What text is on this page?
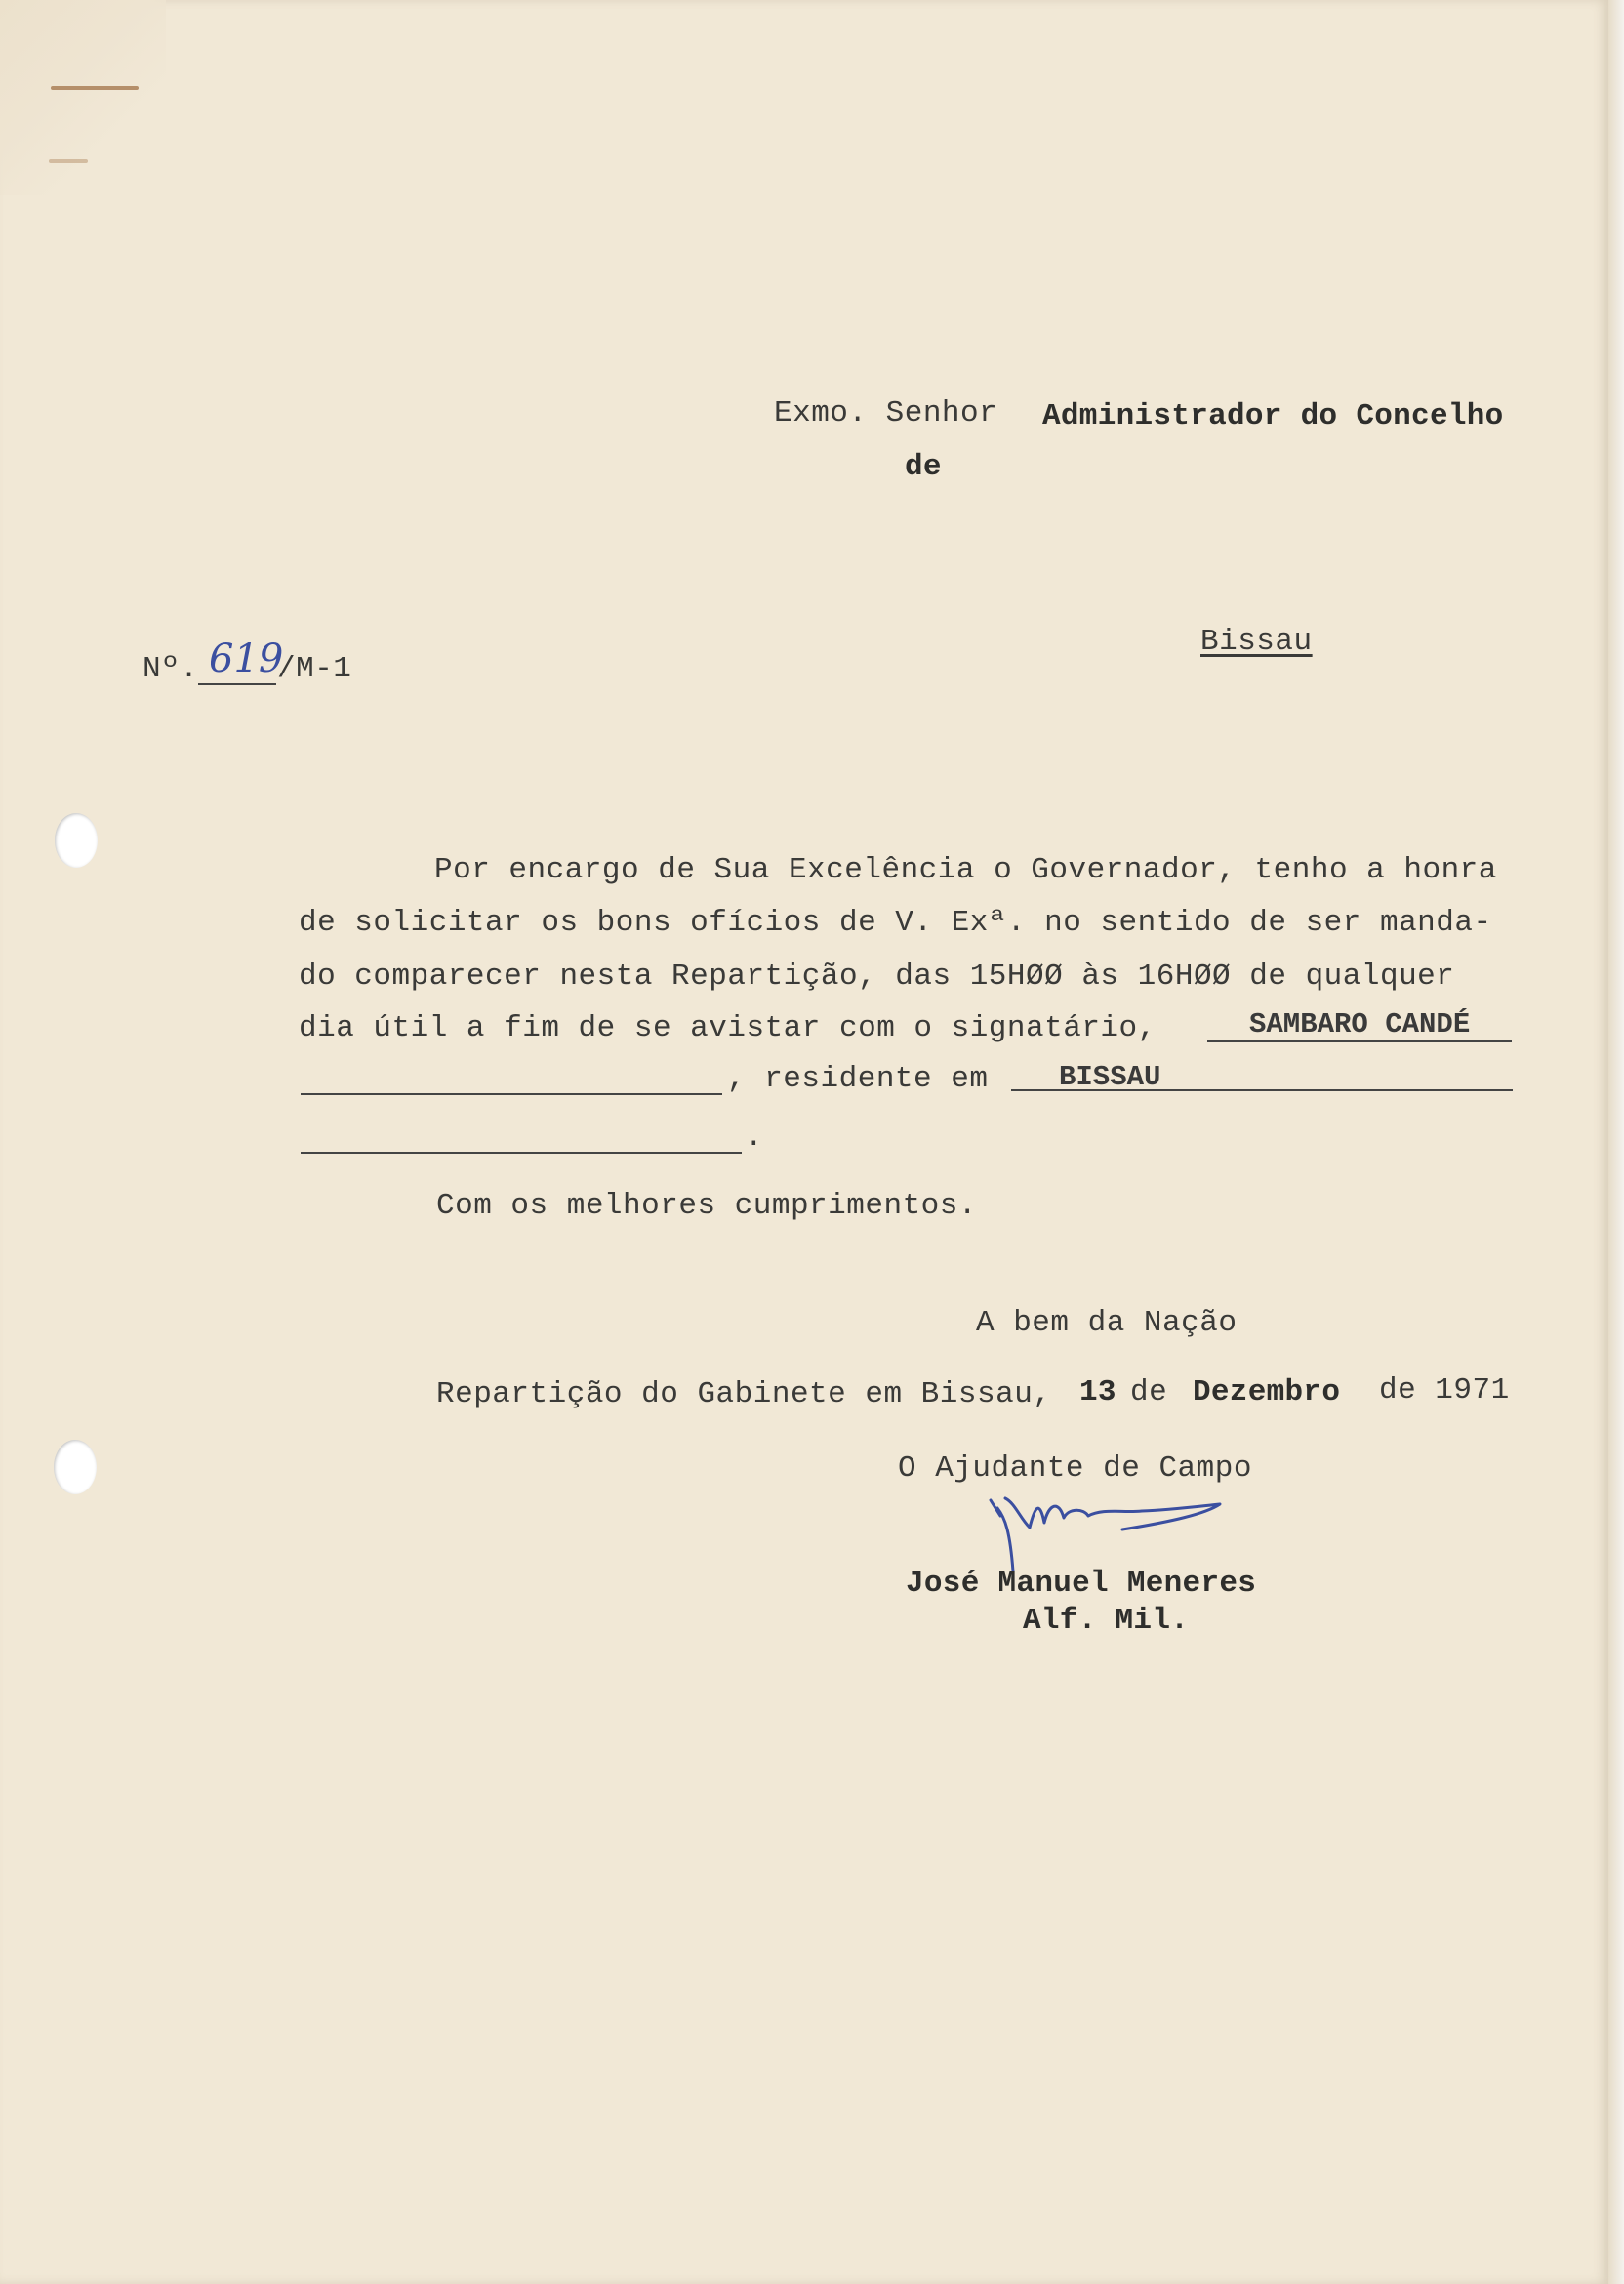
Exmo. Senhor Administrador do Concelho
de
Bissau
Nº. 619
/M-1
Por encargo de Sua Excelência o Governador, tenho a honra
de solicitar os bons ofícios de V. Exª. no sentido de ser manda-
do comparecer nesta Repartição, das 15HØØ às 16HØØ de qualquer
dia útil a fim de se avistar com o signatário,	SAMBARO CANDÉ
, residente em	BISSAU
.
Com os melhores cumprimentos.
A bem da Nação
Repartição do Gabinete em Bissau, 13 de Dezembro de 1971
O Ajudante de Campo
José Manuel Meneres
Alf. Mil.
